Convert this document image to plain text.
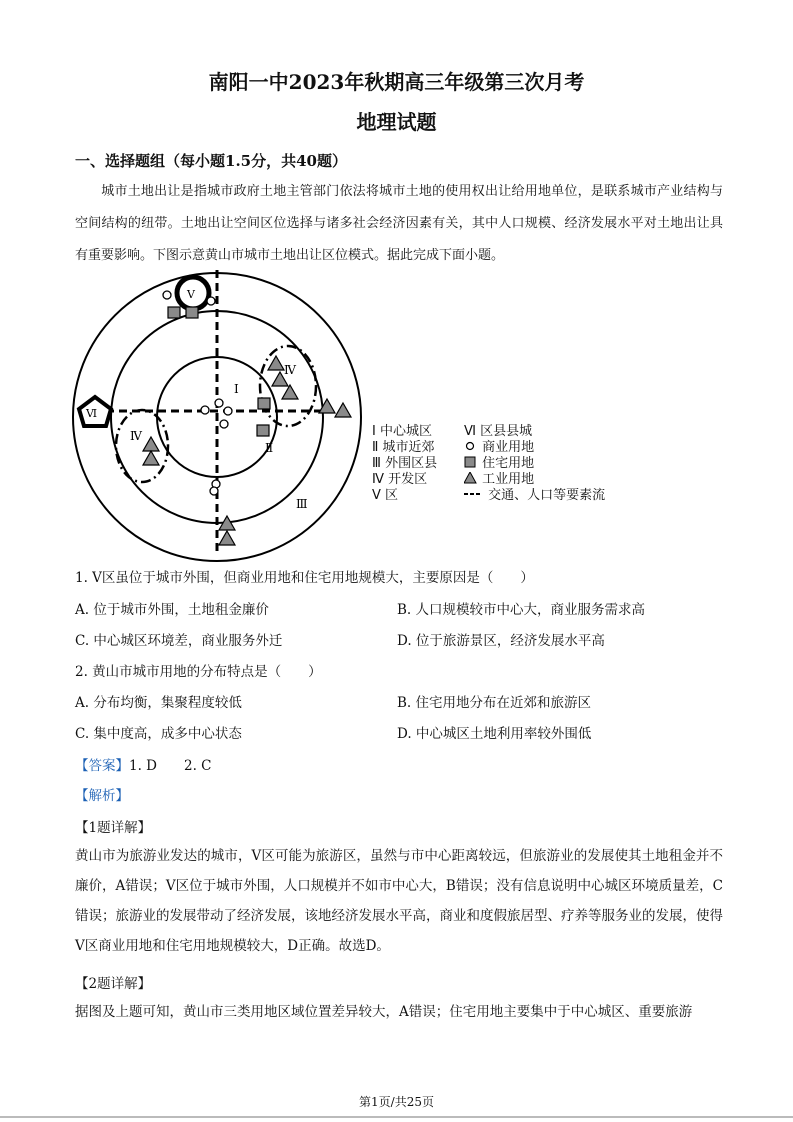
南阳一中2023年秋期高三年级第三次月考
地理试题
一、选择题组（每小题1.5分，共40题）
城市土地出让是指城市政府土地主管部门依法将城市土地的使用权出让给用地单位，是联系城市产业结构与空间结构的纽带。土地出让空间区位选择与诸多社会经济因素有关，其中人口规模、经济发展水平对土地出让具有重要影响。下图示意黄山市城市土地出让区位模式。据此完成下面小题。
Ⅰ
Ⅱ
Ⅲ
Ⅳ
Ⅳ
Ⅴ
Ⅵ
Ⅰ 中心城区
Ⅱ 城市近郊
Ⅲ 外围区县
Ⅳ 开发区
Ⅴ 区
Ⅵ 区县县城
商业用地
住宅用地
工业用地
交通、人口等要素流
1. Ⅴ区虽位于城市外围，但商业用地和住宅用地规模大，主要原因是（　　）
A. 位于城市外围，土地租金廉价	B. 人口规模较市中心大，商业服务需求高
C. 中心城区环境差，商业服务外迁	D. 位于旅游景区，经济发展水平高
2. 黄山市城市用地的分布特点是（　　）
A. 分布均衡，集聚程度较低	B. 住宅用地分布在近郊和旅游区
C. 集中度高，成多中心状态	D. 中心城区土地利用率较外围低
【答案】1. D　　2. C
【解析】
【1题详解】
黄山市为旅游业发达的城市，Ⅴ区可能为旅游区，虽然与市中心距离较远，但旅游业的发展使其土地租金并不廉价，A错误；Ⅴ区位于城市外围，人口规模并不如市中心大，B错误；没有信息说明中心城区环境质量差，C错误；旅游业的发展带动了经济发展，该地经济发展水平高，商业和度假旅居型、疗养等服务业的发展，使得Ⅴ区商业用地和住宅用地规模较大，D正确。故选D。
【2题详解】
据图及上题可知，黄山市三类用地区域位置差异较大，A错误；住宅用地主要集中于中心城区、重要旅游
第1页/共25页
